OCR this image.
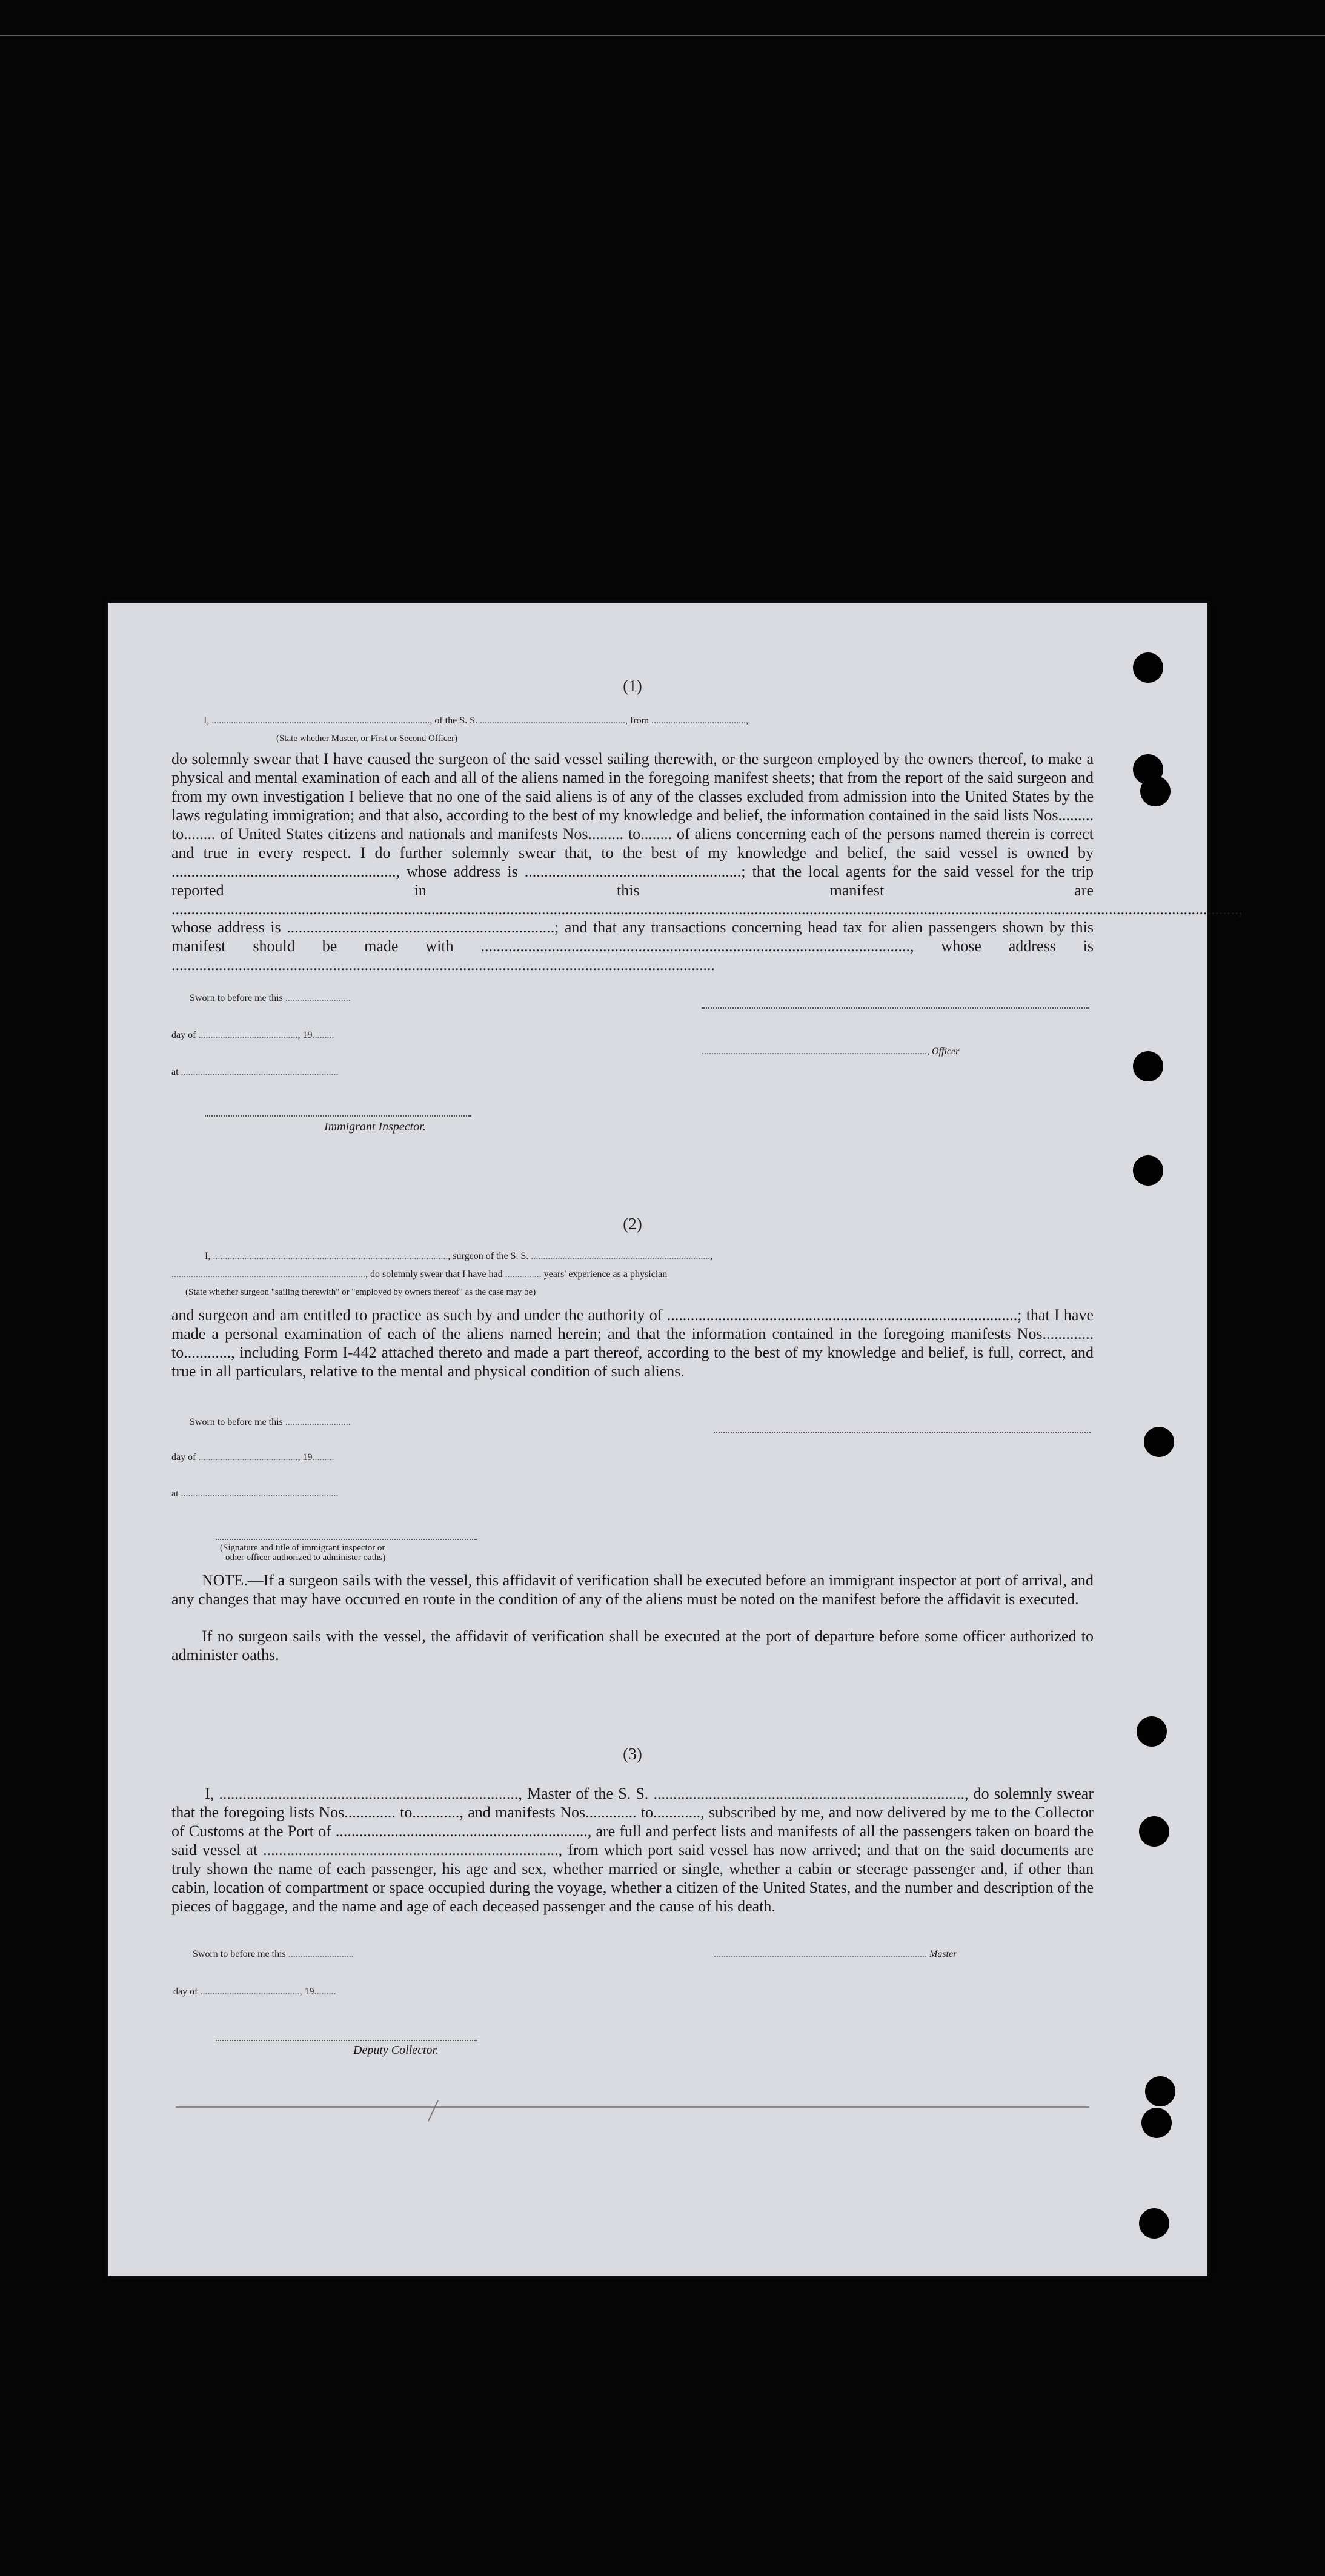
(1)
I, .........................................................................................., of the S. S. ............................................................, from .......................................,
(State whether Master, or First or Second Officer)
do solemnly swear that I have caused the surgeon of the said vessel sailing therewith, or the surgeon employed by the owners thereof, to make a physical and mental examination of each and all of the aliens named in the foregoing manifest sheets; that from the report of the said surgeon and from my own investigation I believe that no one of the said aliens is of any of the classes excluded from admission into the United States by the laws regulating immigration; and that also, according to the best of my knowledge and belief, the information contained in the said lists Nos......... to........ of United States citizens and nationals and manifests Nos......... to........ of aliens concerning each of the persons named therein is correct and true in every respect. I do further solemnly swear that, to the best of my knowledge and belief, the said vessel is owned by ........................................................., whose address is .......................................................; that the local agents for the said vessel for the trip reported in this manifest are ...............................................................................................................................................................................................................................................................................,
whose address is ....................................................................; and that any transactions concerning head tax for alien passengers shown by this manifest should be made with ............................................................................................................., whose address is ..........................................................................................................................................
Sworn to before me this ...........................
day of ........................................., 19.........
............................................................................................., Officer
at .................................................................
Immigrant Inspector.
(2)
I, ................................................................................................., surgeon of the S. S. ..........................................................................,
................................................................................, do solemnly swear that I have had ............... years' experience as a physician
(State whether surgeon "sailing therewith" or "employed by owners thereof" as the case may be)
and surgeon and am entitled to practice as such by and under the authority of .........................................................................................; that I have made a personal examination of each of the aliens named herein; and that the information contained in the foregoing manifests Nos............. to............, including Form I-442 attached thereto and made a part thereof, according to the best of my knowledge and belief, is full, correct, and true in all particulars, relative to the mental and physical condition of such aliens.
Sworn to before me this ...........................
day of ........................................., 19.........
at .................................................................
(Signature and title of immigrant inspector or
other officer authorized to administer oaths)
NOTE.—If a surgeon sails with the vessel, this affidavit of verification shall be executed before an immigrant inspector at port of arrival, and any changes that may have occurred en route in the condition of any of the aliens must be noted on the manifest before the affidavit is executed.
If no surgeon sails with the vessel, the affidavit of verification shall be executed at the port of departure before some officer authorized to administer oaths.
(3)
I, ............................................................................, Master of the S. S. ..............................................................................., do solemnly swear that the foregoing lists Nos............. to............, and manifests Nos............. to............, subscribed by me, and now delivered by me to the Collector of Customs at the Port of ................................................................, are full and perfect lists and manifests of all the passengers taken on board the said vessel at ..........................................................................., from which port said vessel has now arrived; and that on the said documents are truly shown the name of each passenger, his age and sex, whether married or single, whether a cabin or steerage passenger and, if other than cabin, location of compartment or space occupied during the voyage, whether a citizen of the United States, and the number and description of the pieces of baggage, and the name and age of each deceased passenger and the cause of his death.
Sworn to before me this ...........................	........................................................................................ Master
day of ........................................., 19.........
Deputy Collector.
